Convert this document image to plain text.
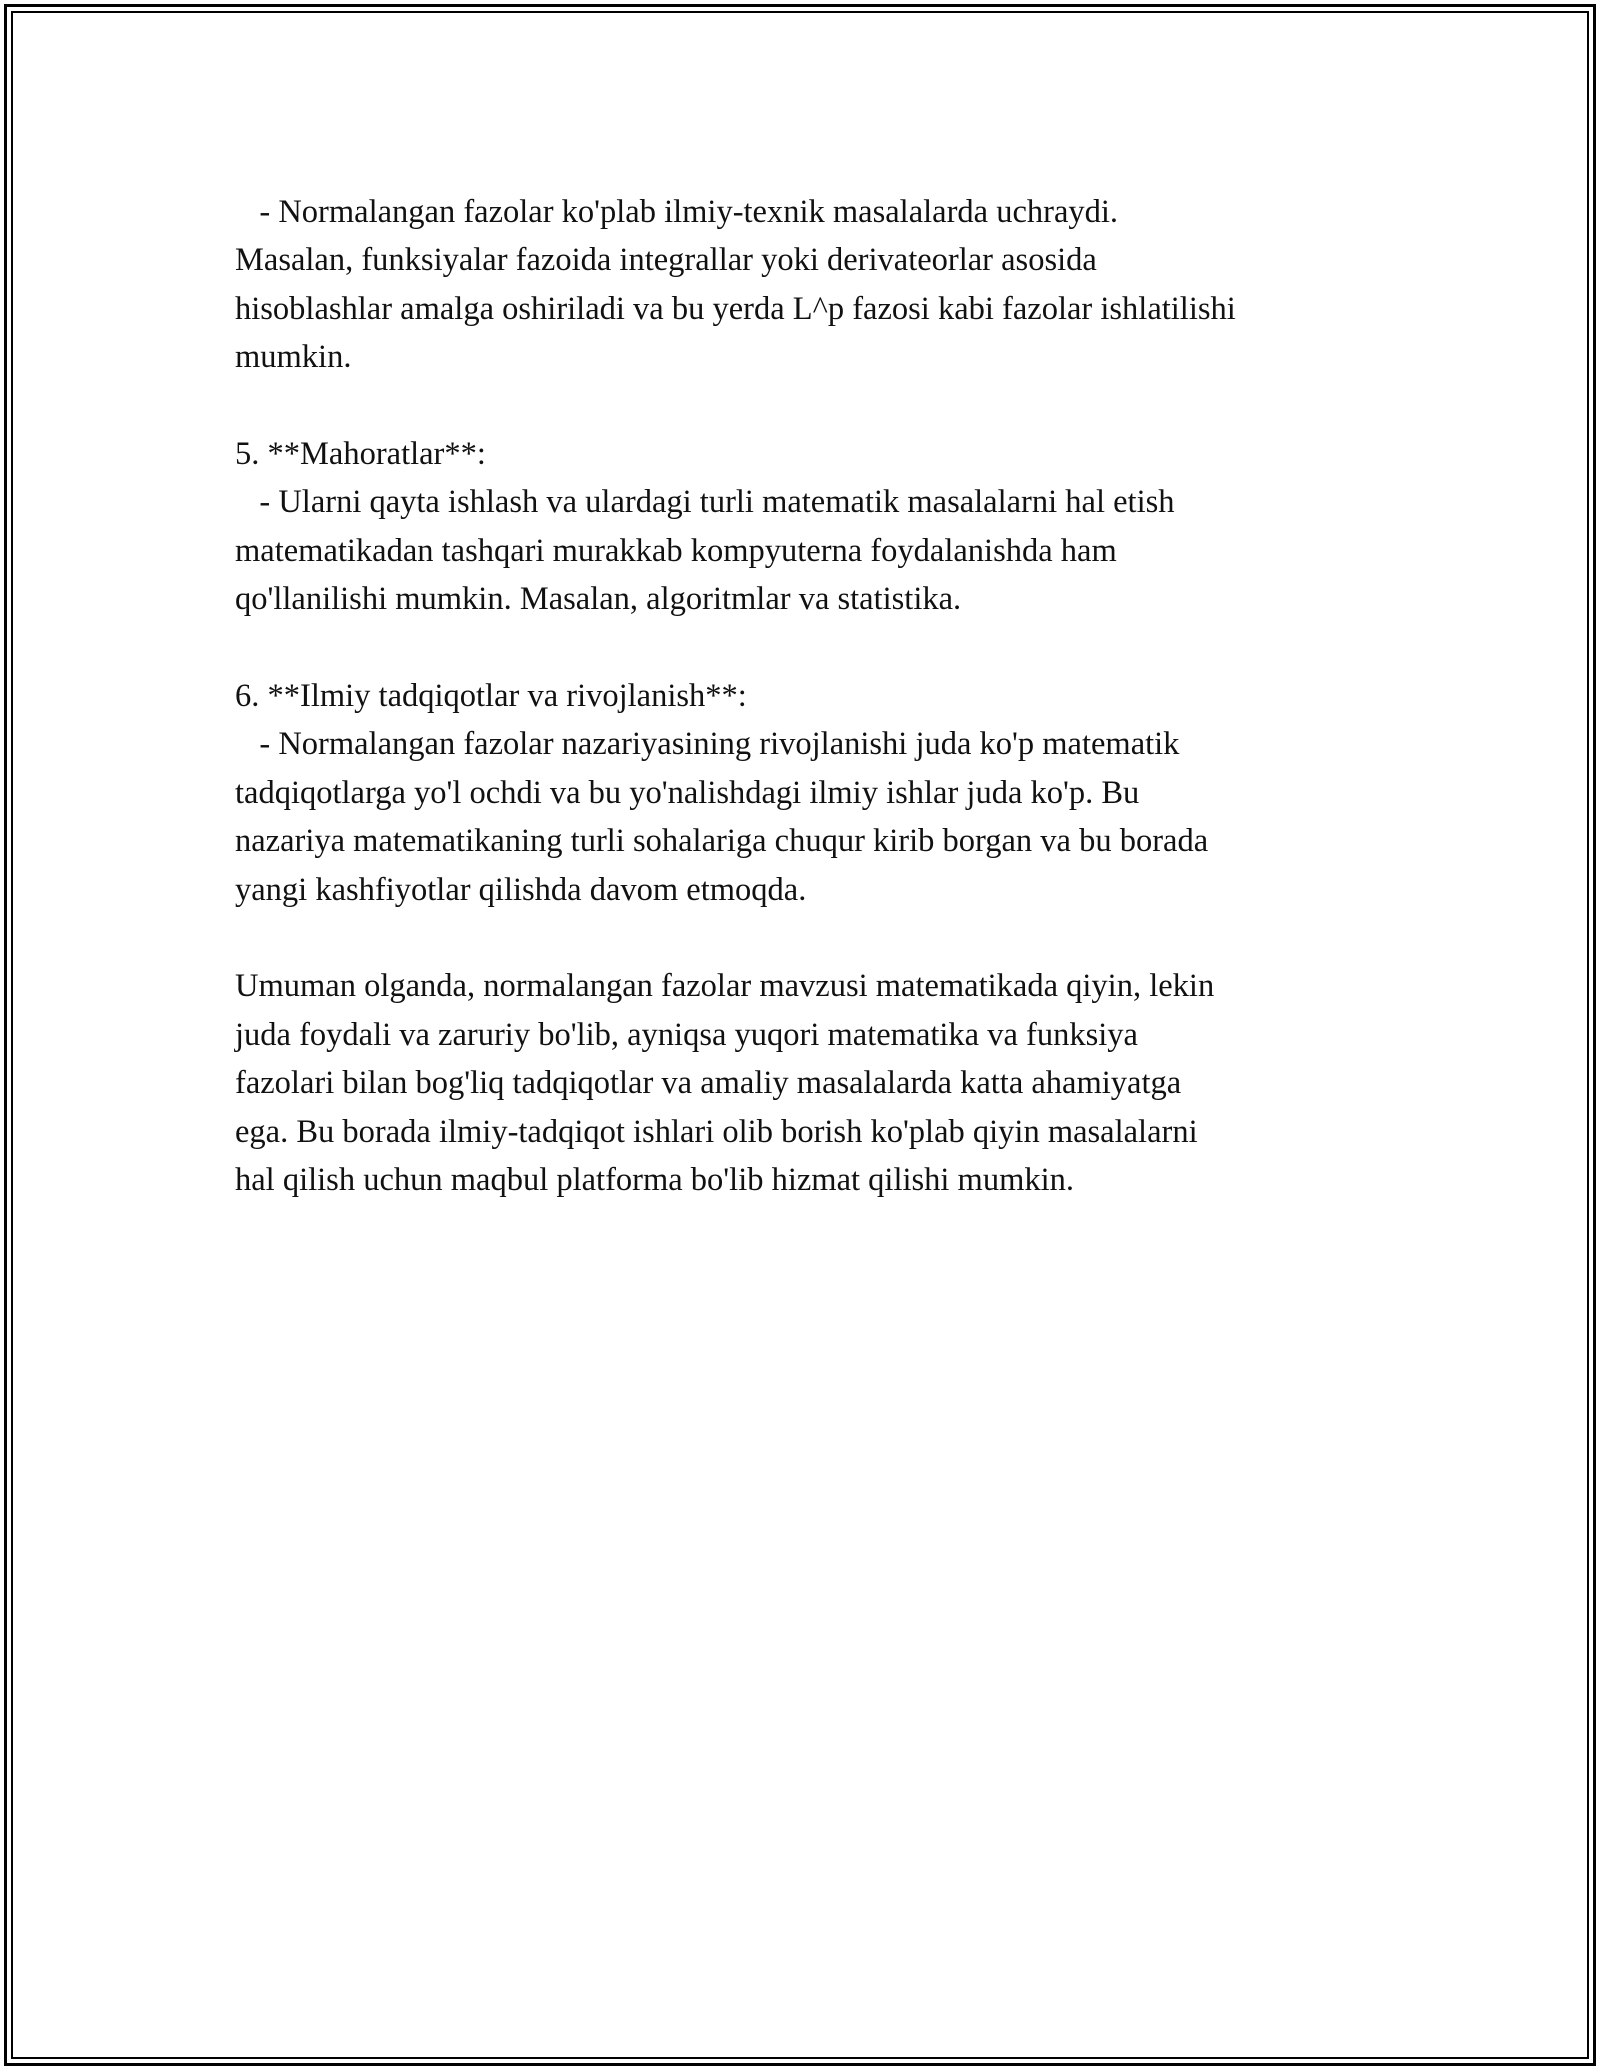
- Normalangan fazolar ko'plab ilmiy-texnik masalalarda uchraydi.
Masalan, funksiyalar fazoida integrallar yoki derivateorlar asosida
hisoblashlar amalga oshiriladi va bu yerda L^p fazosi kabi fazolar ishlatilishi
mumkin.
5. **Mahoratlar**:
- Ularni qayta ishlash va ulardagi turli matematik masalalarni hal etish
matematikadan tashqari murakkab kompyuterna foydalanishda ham
qo'llanilishi mumkin. Masalan, algoritmlar va statistika.
6. **Ilmiy tadqiqotlar va rivojlanish**:
- Normalangan fazolar nazariyasining rivojlanishi juda ko'p matematik
tadqiqotlarga yo'l ochdi va bu yo'nalishdagi ilmiy ishlar juda ko'p. Bu
nazariya matematikaning turli sohalariga chuqur kirib borgan va bu borada
yangi kashfiyotlar qilishda davom etmoqda.
Umuman olganda, normalangan fazolar mavzusi matematikada qiyin, lekin
juda foydali va zaruriy bo'lib, ayniqsa yuqori matematika va funksiya
fazolari bilan bog'liq tadqiqotlar va amaliy masalalarda katta ahamiyatga
ega. Bu borada ilmiy-tadqiqot ishlari olib borish ko'plab qiyin masalalarni
hal qilish uchun maqbul platforma bo'lib hizmat qilishi mumkin.
